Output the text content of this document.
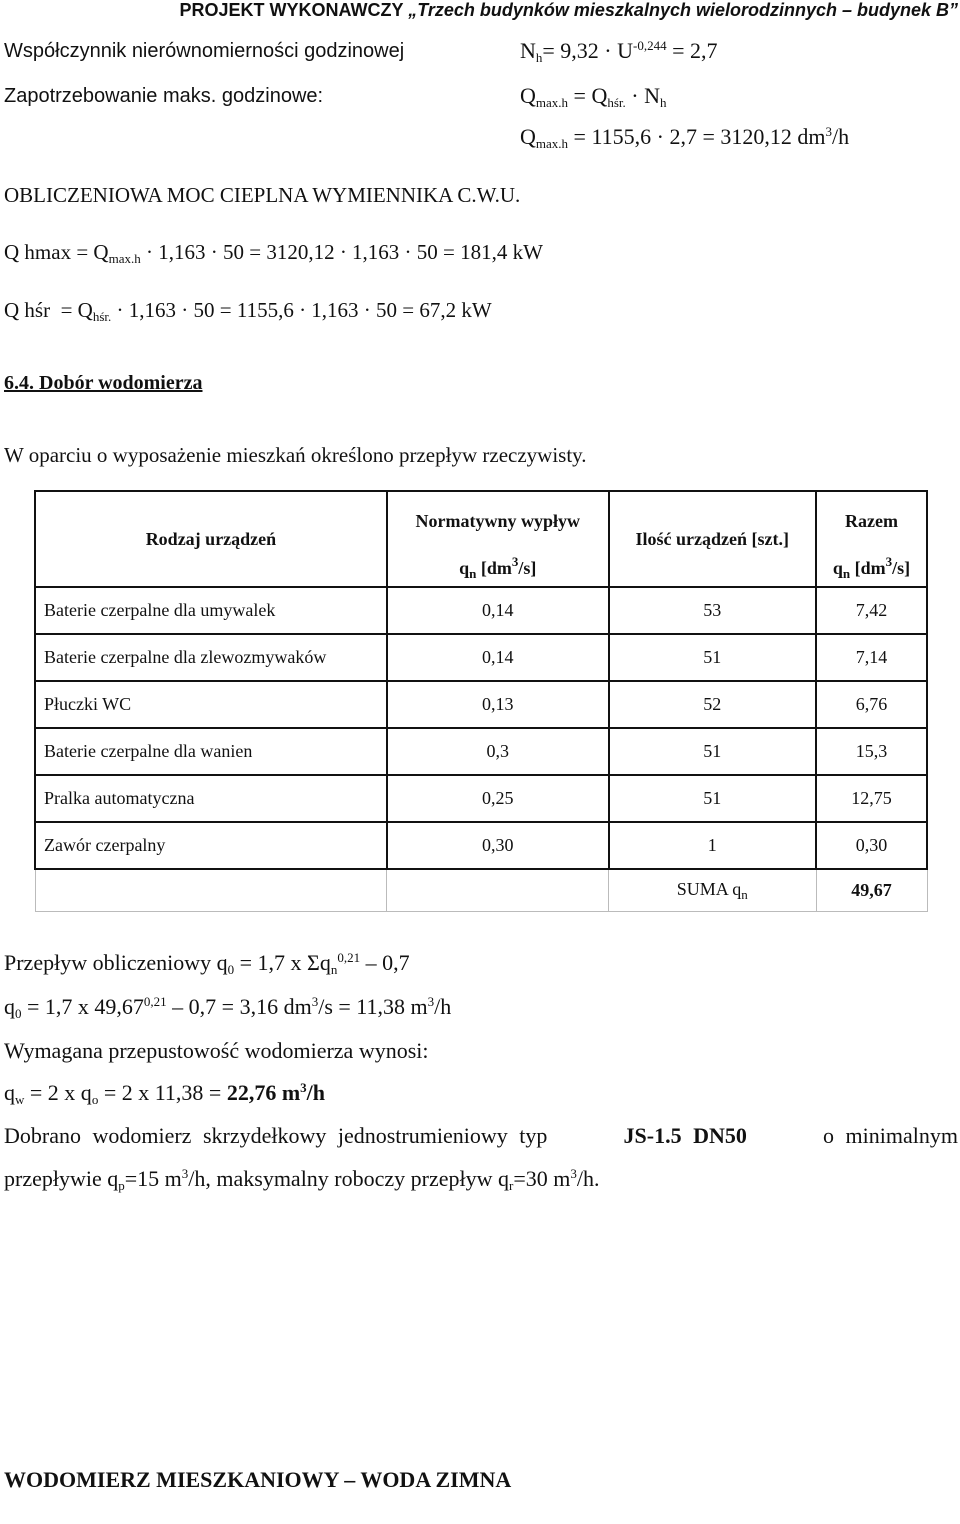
PROJEKT WYKONAWCZY „Trzech budynków mieszkalnych wielorodzinnych – budynek B”
Współczynnik nierównomierności godzinowej	$N_h= 9,32 \cdot U^{-0,244} = 2,7$
Zapotrzebowanie maks. godzinowe:	$Q_{max.h} = Q_{hśr.} \cdot N_h$
$Q_{max.h} = 1155,6 \cdot 2,7 = 3120,12$ $dm^3/h$
OBLICZENIOWA MOC CIEPLNA WYMIENNIKA C.W.U.
Q $hmax = Q_{max.h} \cdot 1,163 \cdot 50 = 3120,12 \cdot 1,163 \cdot 50 = 181,4$ kW
Q hśr  = $Q_{hśr.} \cdot 1,163 \cdot 50 = 1155,6 \cdot 1,163 \cdot 50 = 67,2$ kW
6.4. Dobór wodomierza
W oparciu o wyposażenie mieszkań określono przepływ rzeczywisty.
Rodzaj urządzeń	Normatywny wypływ	Ilość urządzeń [szt.]	Razem
	$q_n$ $[dm^3/s]$		$q_n$ $[dm^3/s]$
Baterie czerpalne dla umywalek	0,14	53	7,42
Baterie czerpalne dla zlewozmywaków	0,14	51	7,14
Płuczki WC	0,13	52	6,76
Baterie czerpalne dla wanien	0,3	51	15,3
Pralka automatyczna	0,25	51	12,75
Zawór czerpalny	0,30	1	0,30
		SUMA $q_n$	49,67
Przepływ obliczeniowy $q_0 = 1,7$ x $\Sigma q_n^{0,21} - 0,7$
$q_0 = 1,7$ x 49,67$^{0,21}$ – 0,7 = 3,16 $dm^3/s = 11,38$ $m^3/h$
Wymagana przepustowość wodomierza wynosi:
$q_w = 2$ x $q_o = 2$ x 11,38 = 22,76 $m^3/h$
Dobrano wodomierz skrzydełkowy jednostrumieniowy typ	JS-1.5 DN50	o minimalnym
przepływie $q_p=15$ $m^3/h$, maksymalny roboczy przepływ $q_r=30$ $m^3/h$.
WODOMIERZ MIESZKANIOWY – WODA ZIMNA
